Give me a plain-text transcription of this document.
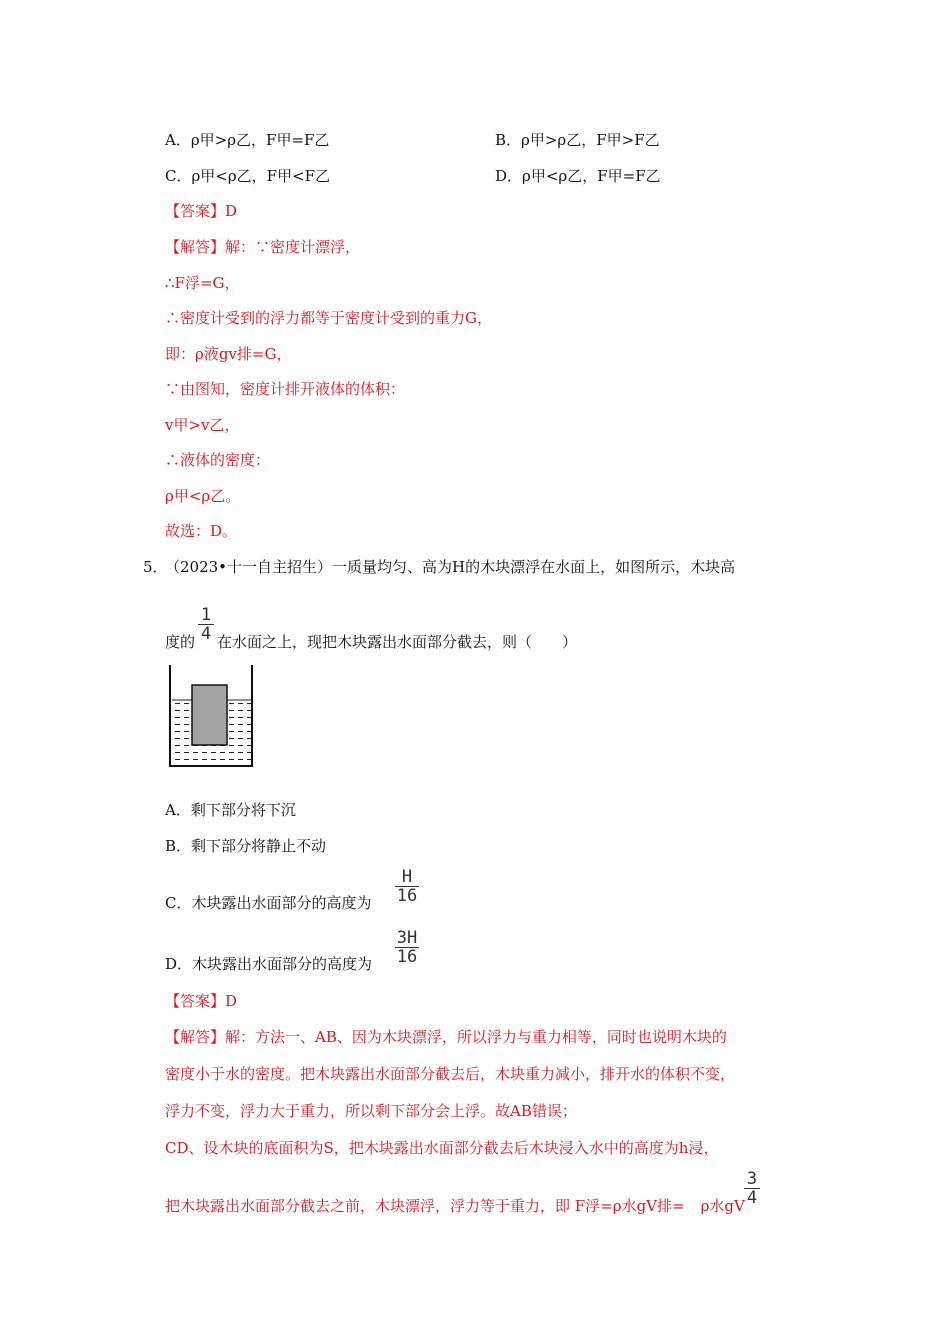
A．ρ甲>ρ乙，F甲=F乙	B．ρ甲>ρ乙，F甲>F乙
C．ρ甲<ρ乙，F甲<F乙	D．ρ甲<ρ乙，F甲=F乙
【答案】D
【解答】解：∵密度计漂浮，
∴F浮=G，
∴密度计受到的浮力都等于密度计受到的重力G，
即：ρ液gv排=G，
∵由图知，密度计排开液体的体积：
v甲>v乙，
∴液体的密度：
ρ甲<ρ乙。
故选：D。
5．
（2023•十一自主招生）一质量均匀、高为H的木块漂浮在水面上，如图所示，木块高
度的 在水面之上，现把木块露出水面部分截去，则（　　）
1
4
A．剩下部分将下沉
B．剩下部分将静止不动
C．木块露出水面部分的高度为
H
16
D．木块露出水面部分的高度为
3H
16
【答案】D
【解答】解：方法一、AB、因为木块漂浮，所以浮力与重力相等，同时也说明木块的
密度小于水的密度。把木块露出水面部分截去后，木块重力减小，排开水的体积不变，
浮力不变，浮力大于重力，所以剩下部分会上浮。故AB错误；
CD、设木块的底面积为S，把木块露出水面部分截去后木块浸入水中的高度为h浸，
把木块露出水面部分截去之前，木块漂浮，浮力等于重力，即 F浮=ρ水gV排= ρ水gV
3
4
